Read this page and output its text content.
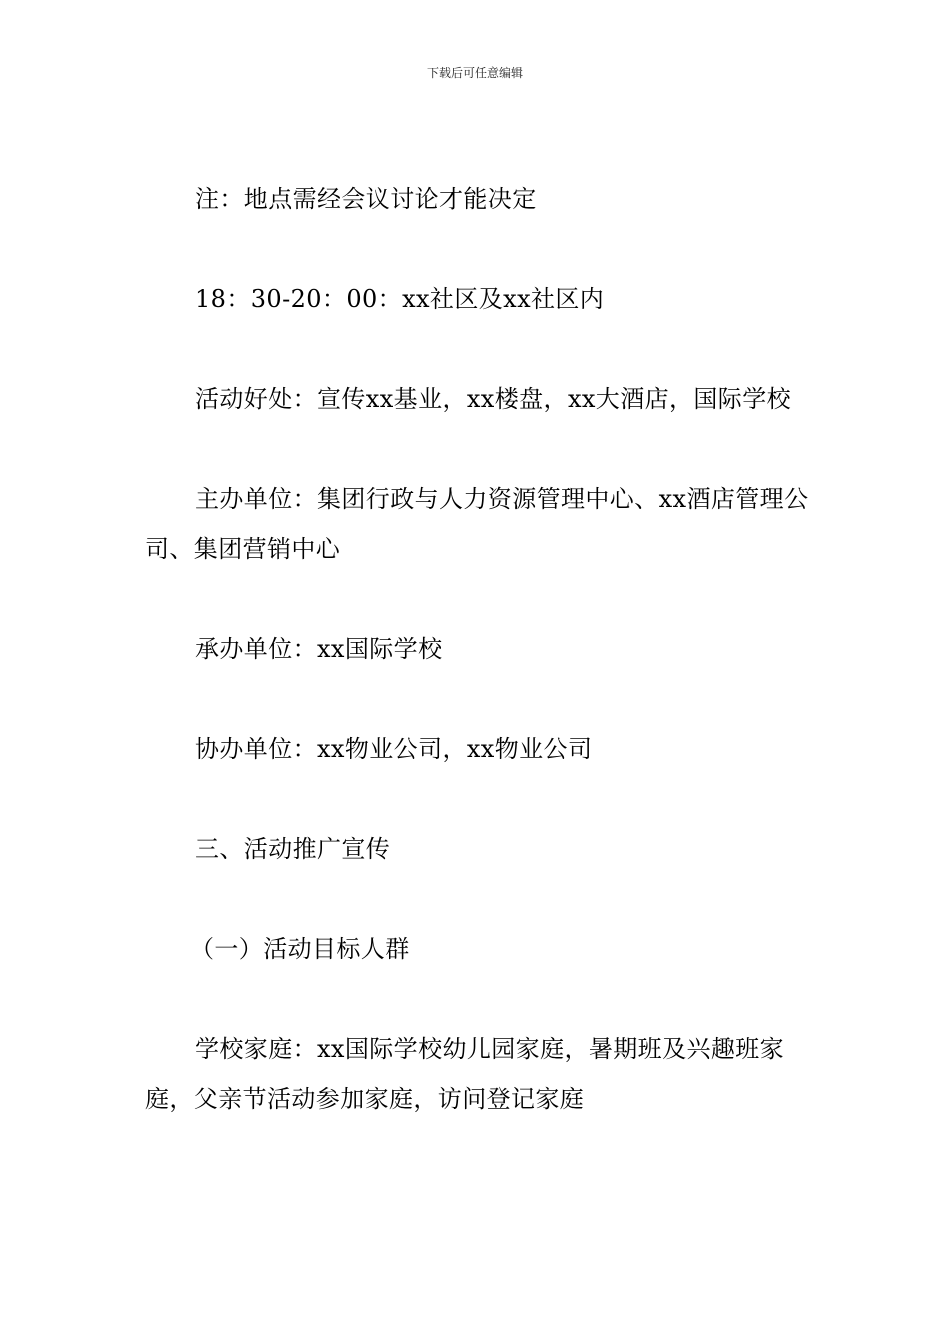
下载后可任意编辑

注：地点需经会议讨论才能决定

18：30-20：00：xx社区及xx社区内

活动好处：宣传xx基业，xx楼盘，xx大酒店，国际学校

主办单位：集团行政与人力资源管理中心、xx酒店管理公司、集团营销中心

承办单位：xx国际学校

协办单位：xx物业公司，xx物业公司

三、活动推广宣传

（一）活动目标人群

学校家庭：xx国际学校幼儿园家庭，暑期班及兴趣班家庭，父亲节活动参加家庭，访问登记家庭
